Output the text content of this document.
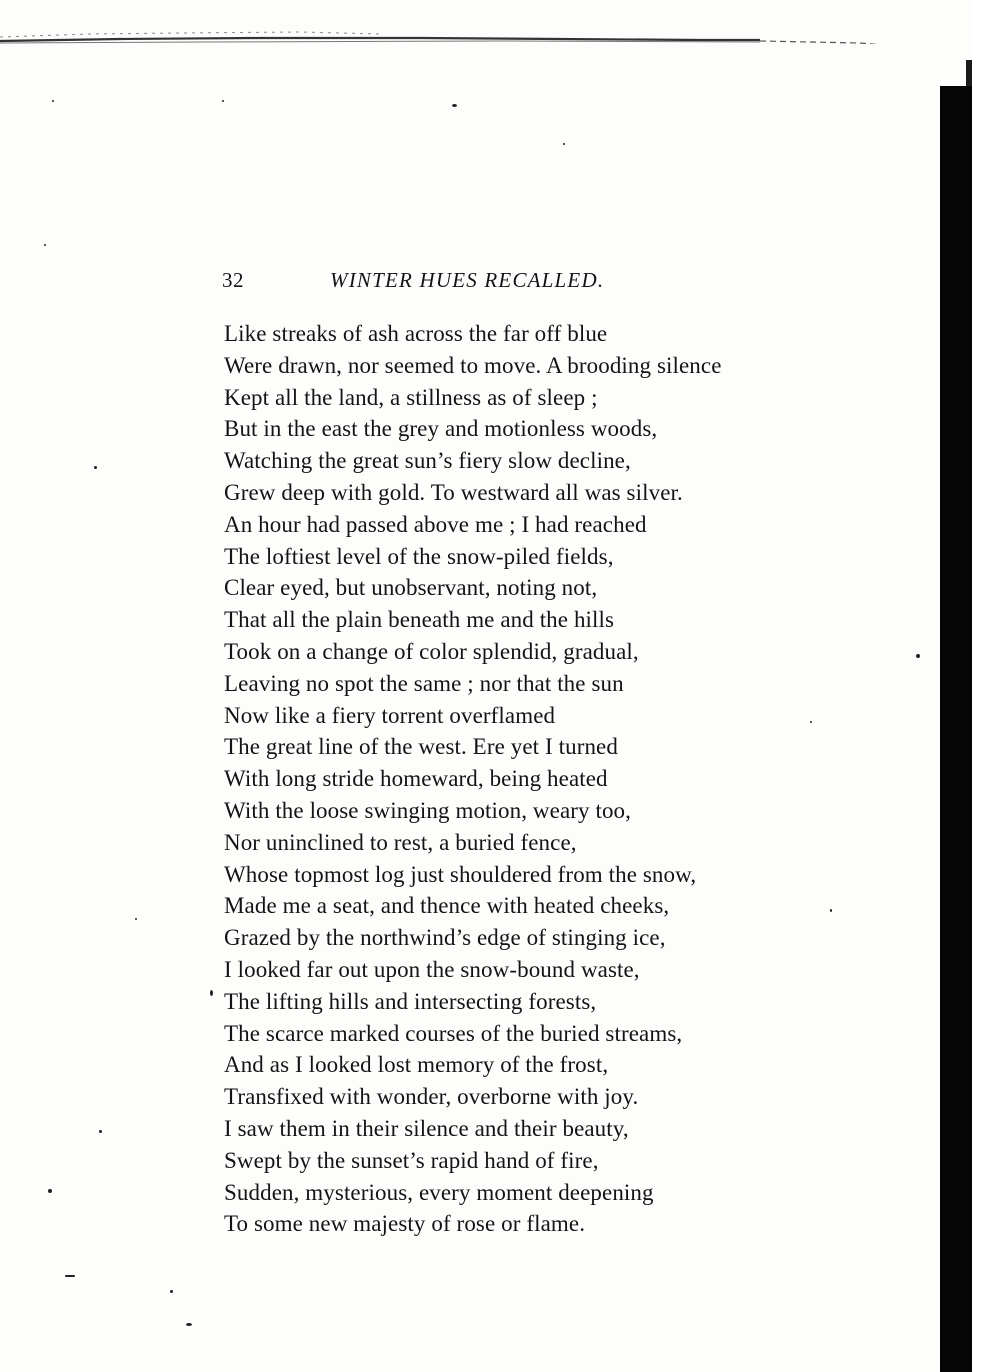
32	WINTER HUES RECALLED.
Like streaks of ash across the far off blue
Were drawn, nor seemed to move. A brooding silence
Kept all the land, a stillness as of sleep ;
But in the east the grey and motionless woods,
Watching the great sun’s fiery slow decline,
Grew deep with gold. To westward all was silver.
An hour had passed above me ; I had reached
The loftiest level of the snow-piled fields,
Clear eyed, but unobservant, noting not,
That all the plain beneath me and the hills
Took on a change of color splendid, gradual,
Leaving no spot the same ; nor that the sun
Now like a fiery torrent overflamed
The great line of the west. Ere yet I turned
With long stride homeward, being heated
With the loose swinging motion, weary too,
Nor uninclined to rest, a buried fence,
Whose topmost log just shouldered from the snow,
Made me a seat, and thence with heated cheeks,
Grazed by the northwind’s edge of stinging ice,
I looked far out upon the snow-bound waste,
The lifting hills and intersecting forests,
The scarce marked courses of the buried streams,
And as I looked lost memory of the frost,
Transfixed with wonder, overborne with joy.
I saw them in their silence and their beauty,
Swept by the sunset’s rapid hand of fire,
Sudden, mysterious, every moment deepening
To some new majesty of rose or flame.
